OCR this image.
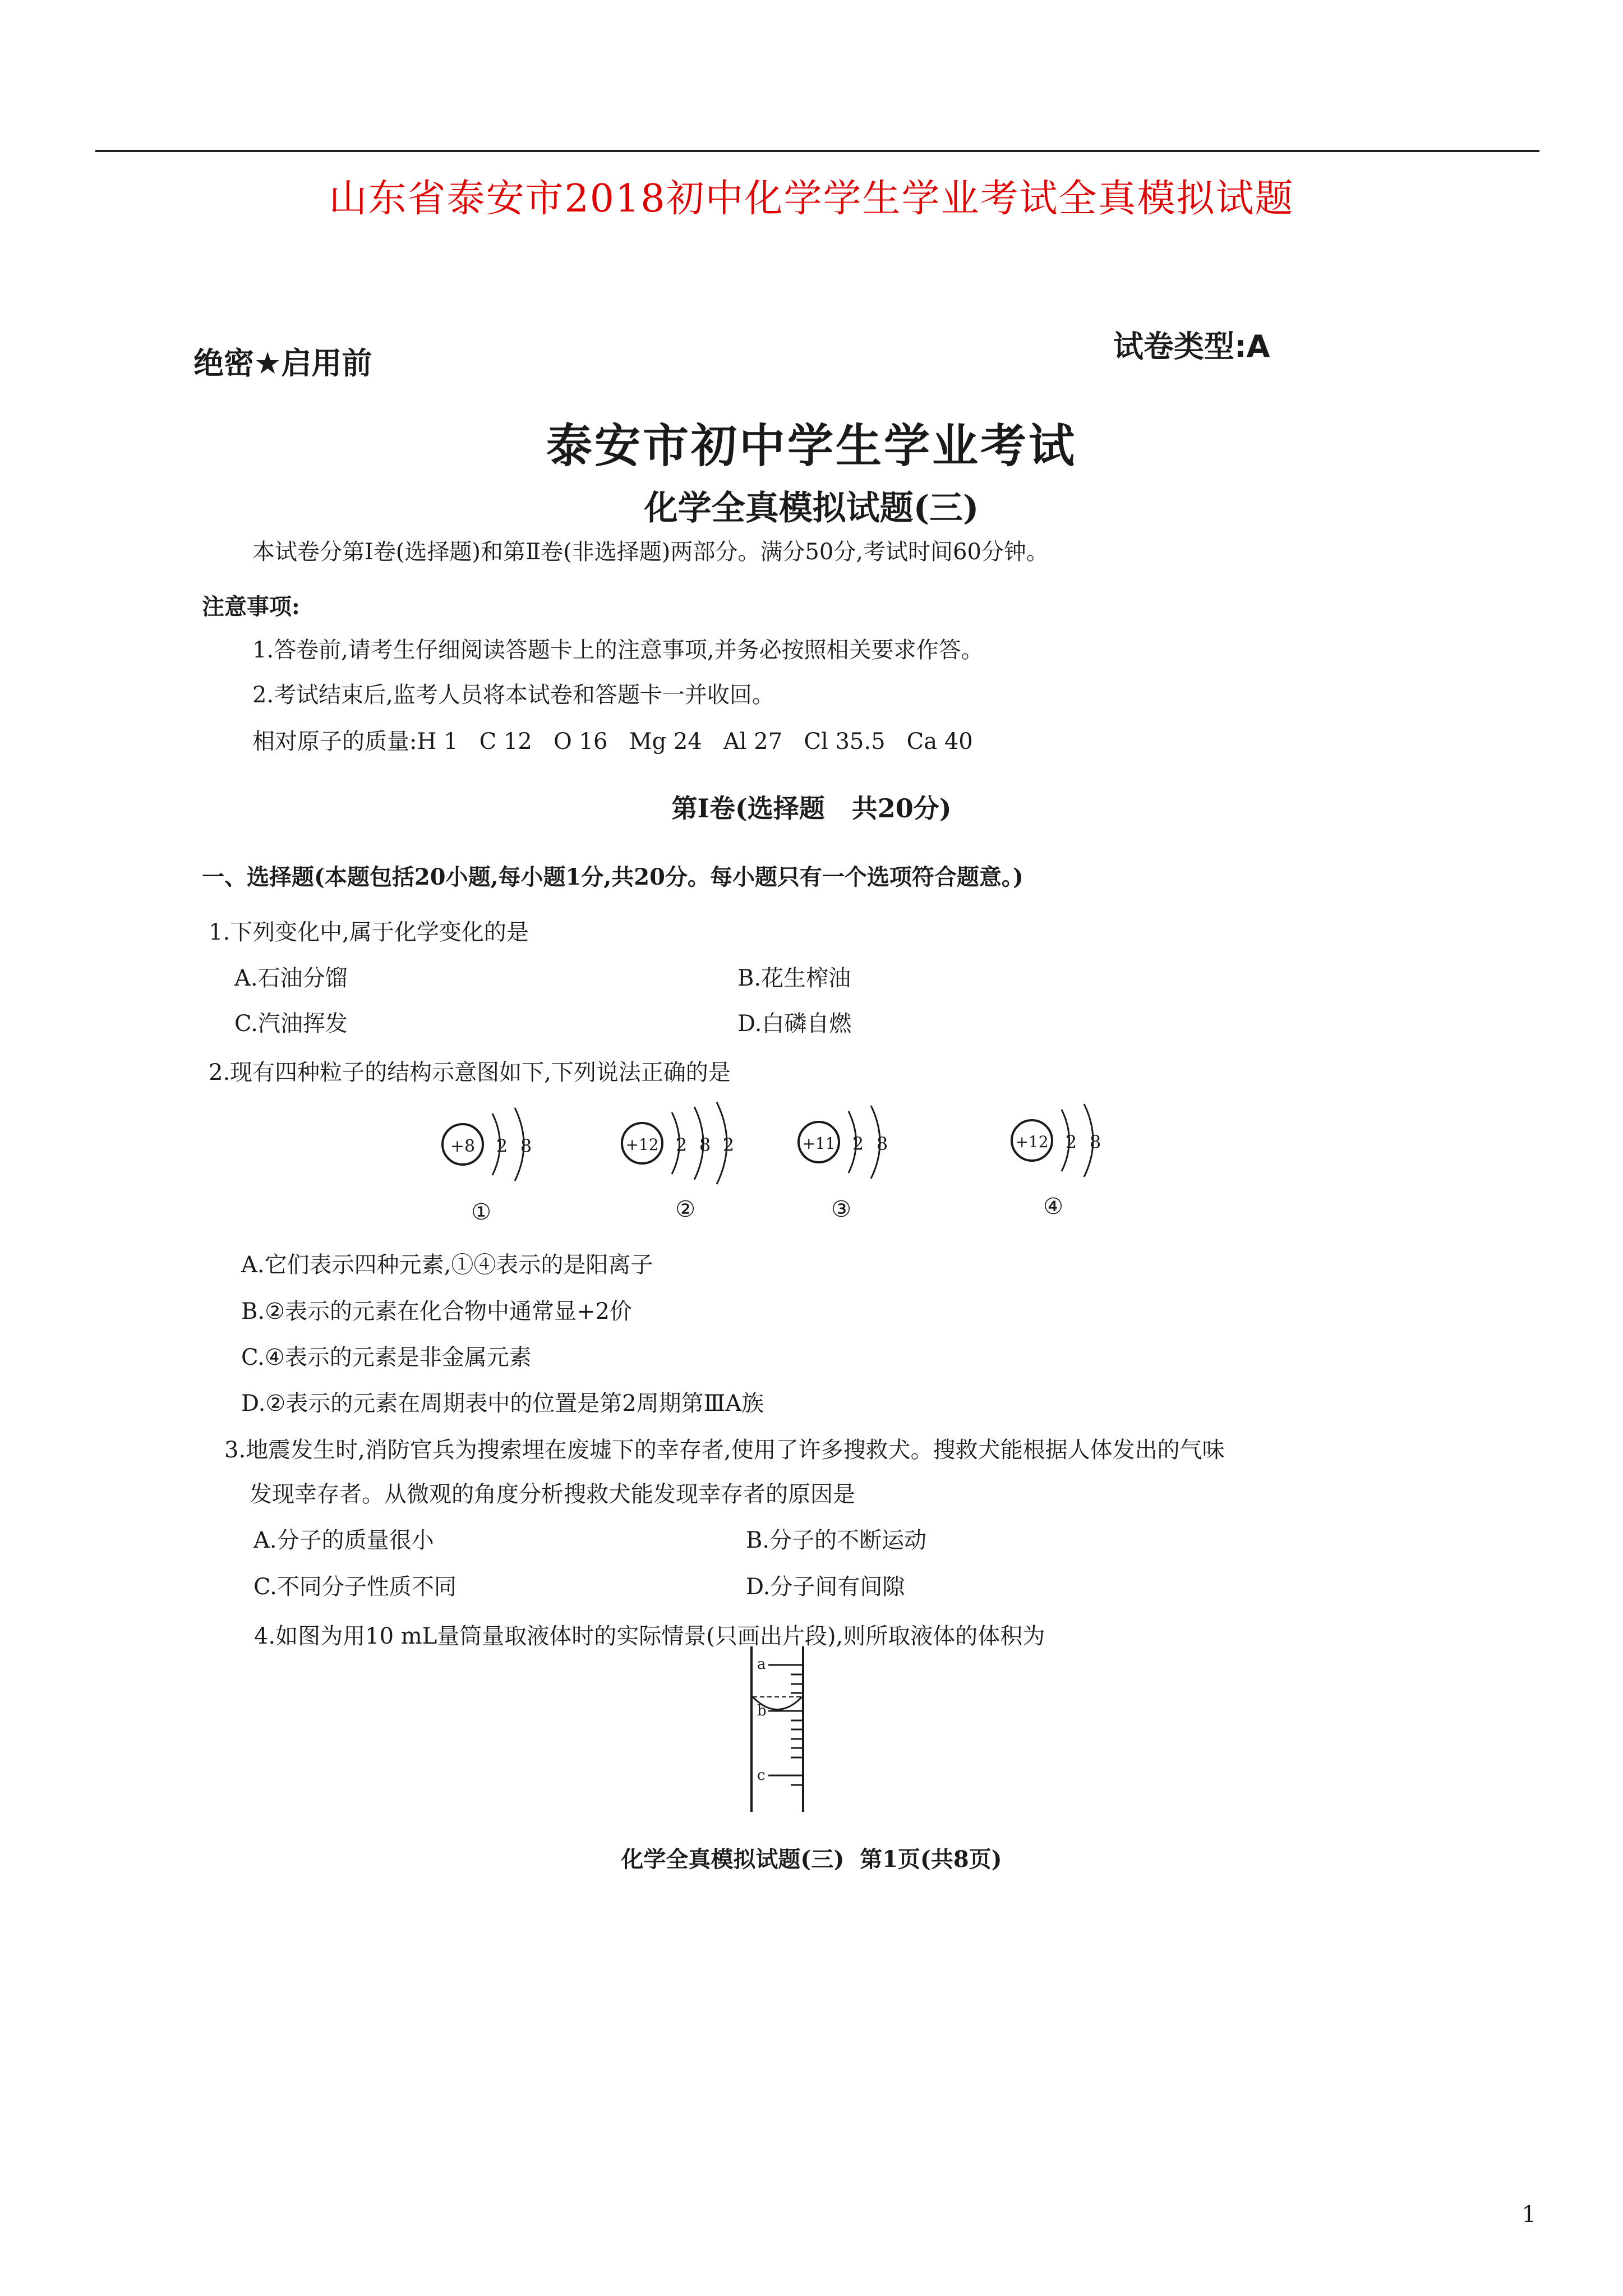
山东省泰安市2018初中化学学生学业考试全真模拟试题
绝密★启用前	试卷类型:A
泰安市初中学生学业考试
化学全真模拟试题(三)
本试卷分第Ⅰ卷(选择题)和第Ⅱ卷(非选择题)两部分。满分50分,考试时间60分钟。
注意事项:
1.答卷前,请考生仔细阅读答题卡上的注意事项,并务必按照相关要求作答。
2.考试结束后,监考人员将本试卷和答题卡一并收回。
相对原子的质量:H 1   C 12   O 16   Mg 24   Al 27   Cl 35.5   Ca 40
第Ⅰ卷(选择题   共20分)
一、选择题(本题包括20小题,每小题1分,共20分。每小题只有一个选项符合题意。)
1.下列变化中,属于化学变化的是
A.石油分馏	B.花生榨油
C.汽油挥发	D.白磷自燃
2.现有四种粒子的结构示意图如下,下列说法正确的是
+8 2 8	+12 2 8 2	+11 2 8	+12 2 8
①	②	③	④
A.它们表示四种元素,①④表示的是阳离子
B.②表示的元素在化合物中通常显+2价
C.④表示的元素是非金属元素
D.②表示的元素在周期表中的位置是第2周期第ⅢA族
3.地震发生时,消防官兵为搜索埋在废墟下的幸存者,使用了许多搜救犬。搜救犬能根据人体发出的气味
发现幸存者。从微观的角度分析搜救犬能发现幸存者的原因是
A.分子的质量很小	B.分子的不断运动
C.不同分子性质不同	D.分子间有间隙
4.如图为用10 mL量筒量取液体时的实际情景(只画出片段),则所取液体的体积为
a
b
c
化学全真模拟试题(三)  第1页(共8页)
1
